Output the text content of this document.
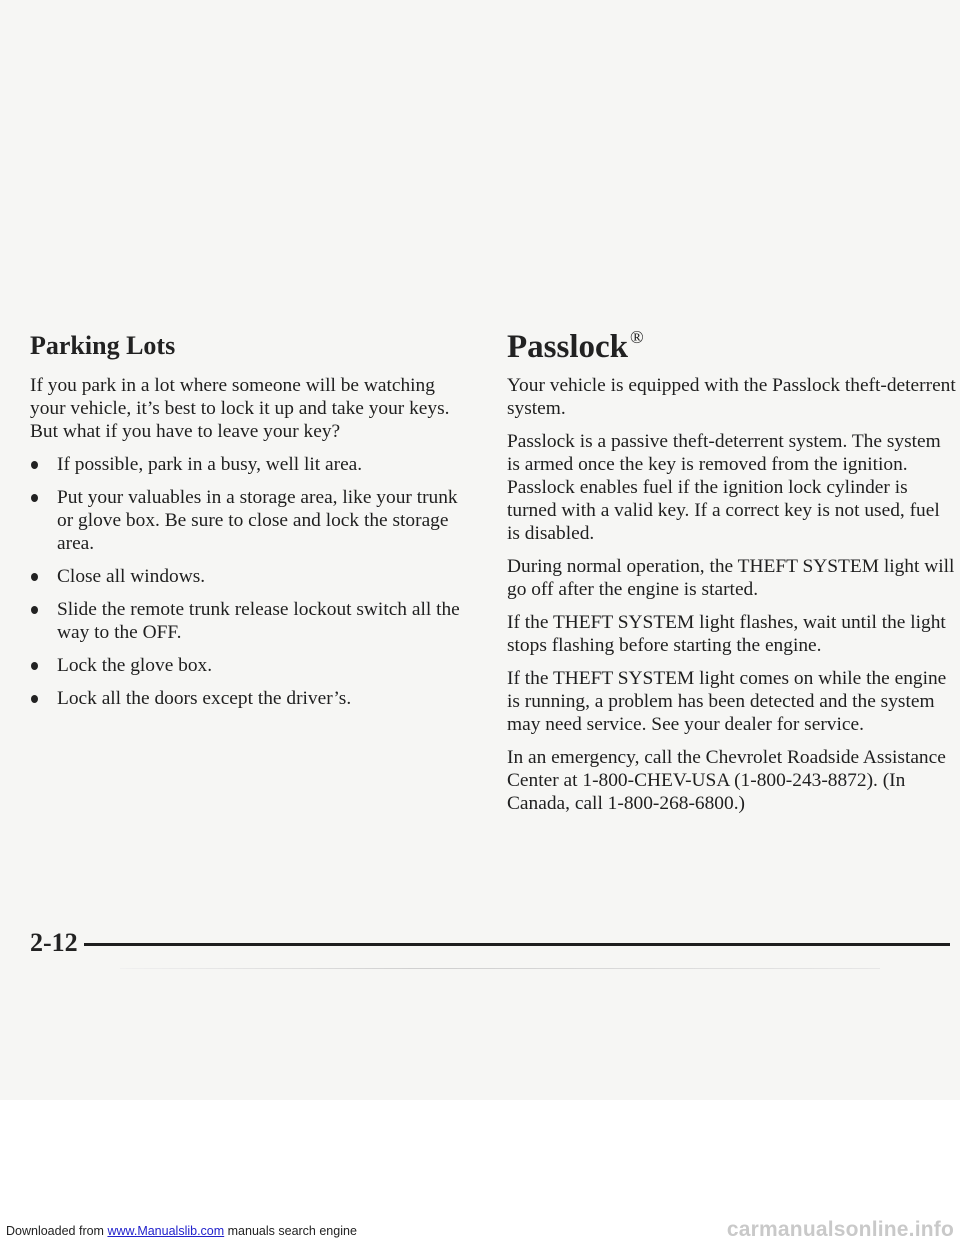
Parking Lots

If you park in a lot where someone will be watching your vehicle, it’s best to lock it up and take your keys. But what if you have to leave your key?

If possible, park in a busy, well lit area.
Put your valuables in a storage area, like your trunk or glove box. Be sure to close and lock the storage area.
Close all windows.
Slide the remote trunk release lockout switch all the way to the OFF.
Lock the glove box.
Lock all the doors except the driver’s.
Passlock ®

Your vehicle is equipped with the Passlock theft-deterrent system.

Passlock is a passive theft-deterrent system. The system is armed once the key is removed from the ignition. Passlock enables fuel if the ignition lock cylinder is turned with a valid key. If a correct key is not used, fuel is disabled.

During normal operation, the THEFT SYSTEM light will go off after the engine is started.

If the THEFT SYSTEM light flashes, wait until the light stops flashing before starting the engine.

If the THEFT SYSTEM light comes on while the engine is running, a problem has been detected and the system may need service. See your dealer for service.

In an emergency, call the Chevrolet Roadside Assistance Center at 1-800-CHEV-USA (1-800-243-8872). (In Canada, call 1-800-268-6800.)

2-12
Downloaded from www.Manualslib.com manuals search engine	carmanualsonline.info
